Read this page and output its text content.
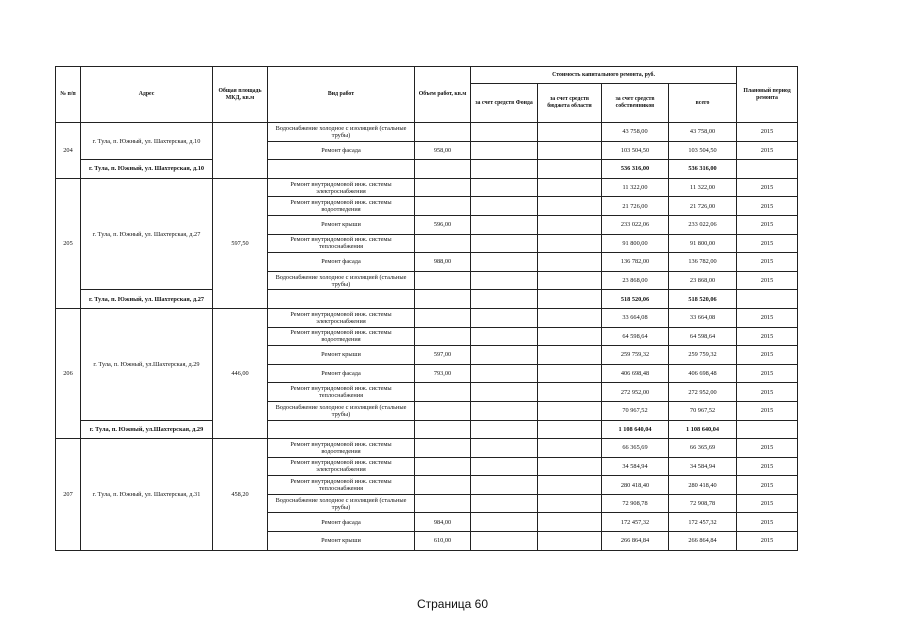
№ п/п	Адрес	Общая площадь МКД, кв.м	Вид работ	Объем работ, кв.м	Стоимость капитального ремонта, руб.				Плановый период ремонта
					за счет средств Фонда	за счет средств бюджета области	за счет средств собственников	всего	
204	г. Тула, п. Южный, ул. Шахтерская, д.10		Водоснабжение холодное с изоляцией (стальные трубы)				43 758,00	43 758,00	2015
			Ремонт фасада	958,00			103 504,50	103 504,50	2015
	г. Тула, п. Южный, ул. Шахтерская, д.10						536 316,00	536 316,00	
205	г. Тула, п. Южный, ул. Шахтерская, д.27	597,50	Ремонт внутридомовой инж. системы электроснабжения				11 322,00	11 322,00	2015
			Ремонт внутридомовой инж. системы водоотведения				21 726,00	21 726,00	2015
			Ремонт крыши	596,00			233 022,06	233 022,06	2015
			Ремонт внутридомовой инж. системы теплоснабжения				91 800,00	91 800,00	2015
			Ремонт фасада	988,00			136 782,00	136 782,00	2015
			Водоснабжение холодное с изоляцией (стальные трубы)				23 868,00	23 868,00	2015
	г. Тула, п. Южный, ул. Шахтерская, д.27						518 520,06	518 520,06	
206	г. Тула, п. Южный, ул.Шахтерская, д.29	446,00	Ремонт внутридомовой инж. системы электроснабжения				33 664,08	33 664,08	2015
			Ремонт внутридомовой инж. системы водоотведения				64 598,64	64 598,64	2015
			Ремонт крыши	597,00			259 759,32	259 759,32	2015
			Ремонт фасада	793,00			406 698,48	406 698,48	2015
			Ремонт внутридомовой инж. системы теплоснабжения				272 952,00	272 952,00	2015
			Водоснабжение холодное с изоляцией (стальные трубы)				70 967,52	70 967,52	2015
	г. Тула, п. Южный, ул.Шахтерская, д.29						1 108 640,04	1 108 640,04	
207	г. Тула, п. Южный, ул. Шахтерская, д.31	458,20	Ремонт внутридомовой инж. системы водоотведения				66 365,69	66 365,69	2015
			Ремонт внутридомовой инж. системы электроснабжения				34 584,94	34 584,94	2015
			Ремонт внутридомовой инж. системы теплоснабжения				280 418,40	280 418,40	2015
			Водоснабжение холодное с изоляцией (стальные трубы)				72 908,78	72 908,78	2015
			Ремонт фасада	984,00			172 457,32	172 457,32	2015
			Ремонт крыши	610,00			266 864,84	266 864,84	2015
Страница 60
